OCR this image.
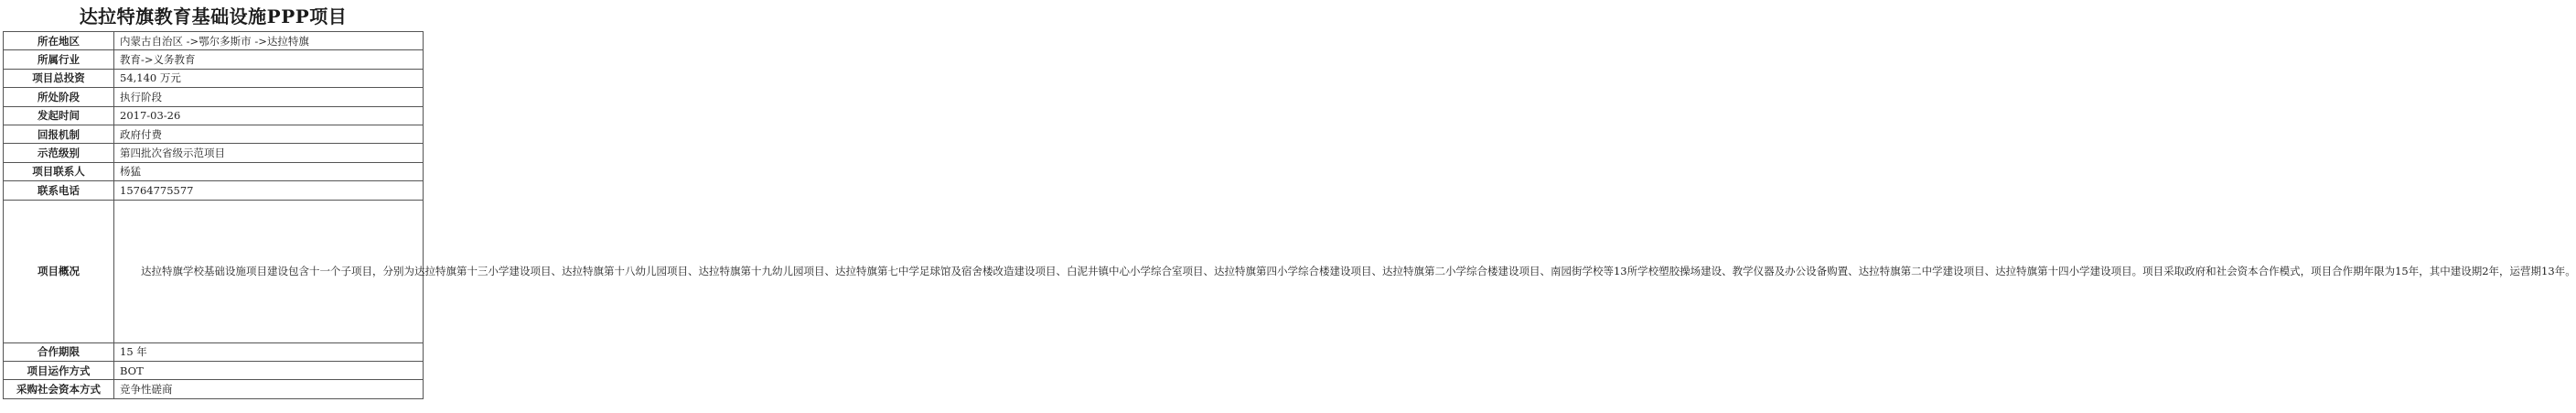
达拉特旗教育基础设施PPP项目
所在地区	内蒙古自治区 ->鄂尔多斯市 ->达拉特旗
所属行业	教育->义务教育
项目总投资	54,140 万元
所处阶段	执行阶段
发起时间	2017-03-26
回报机制	政府付费
示范级别	第四批次省级示范项目
项目联系人	杨猛
联系电话	15764775577
项目概况	达拉特旗学校基础设施项目建设包含十一个子项目，分别为达拉特旗第十三小学建设项目、达拉特旗第十八幼儿园项目、达拉特旗第十九幼儿园项目、达拉特旗第七中学足球馆及宿舍楼改造建设项目、白泥井镇中心小学综合室项目、达拉特旗第四小学综合楼建设项目、达拉特旗第二小学综合楼建设项目、南园街学校等13所学校塑胶操场建设、教学仪器及办公设备购置、达拉特旗第二中学建设项目、达拉特旗第十四小学建设项目。项目采取政府和社会资本合作模式，项目合作期年限为15年，其中建设期2年，运营期13年。
合作期限	15 年
项目运作方式	BOT
采购社会资本方式	竞争性磋商
